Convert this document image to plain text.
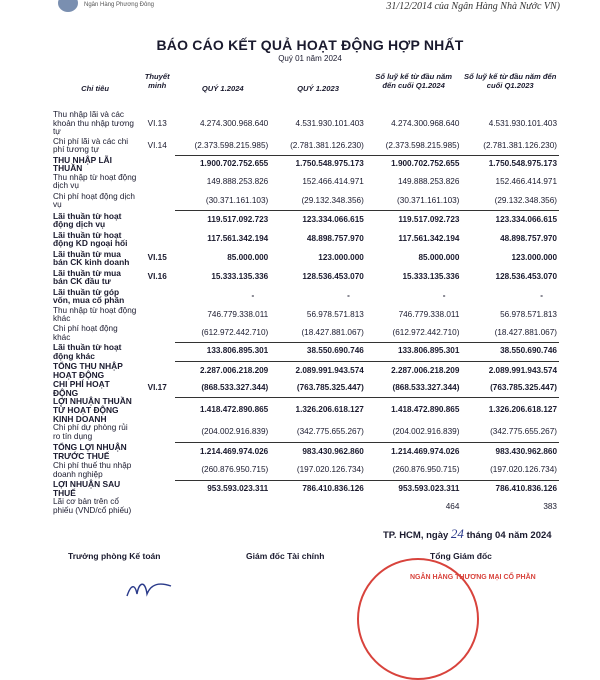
Ngân Hàng Phương Đông	31/12/2014 của Ngân Hàng Nhà Nước VN)
BÁO CÁO KẾT QUẢ HOẠT ĐỘNG HỢP NHẤT
Quý 01 năm 2024
Chỉ tiêu	Thuyết minh	QUÝ 1.2024	QUÝ 1.2023	Số luỹ kế từ đầu năm đến cuối Q1.2024	Số luỹ kế từ đầu năm đến cuối Q1.2023
Thu nhập lãi và các khoản thu nhập tương tự	VI.13	4.274.300.968.640	4.531.930.101.403	4.274.300.968.640	4.531.930.101.403
Chi phí lãi và các chi phí tương tự	VI.14	(2.373.598.215.985)	(2.781.381.126.230)	(2.373.598.215.985)	(2.781.381.126.230)
THU NHẬP LÃI THUẦN		1.900.702.752.655	1.750.548.975.173	1.900.702.752.655	1.750.548.975.173
Thu nhập từ hoạt động dịch vụ		149.888.253.826	152.466.414.971	149.888.253.826	152.466.414.971
Chi phí hoạt động dịch vụ		(30.371.161.103)	(29.132.348.356)	(30.371.161.103)	(29.132.348.356)
Lãi thuần từ hoạt động dịch vụ		119.517.092.723	123.334.066.615	119.517.092.723	123.334.066.615
Lãi thuần từ hoạt động KD ngoại hối		117.561.342.194	48.898.757.970	117.561.342.194	48.898.757.970
Lãi thuần từ mua bán CK kinh doanh	VI.15	85.000.000	123.000.000	85.000.000	123.000.000
Lãi thuần từ mua bán CK đầu tư	VI.16	15.333.135.336	128.536.453.070	15.333.135.336	128.536.453.070
Lãi thuần từ góp vốn, mua cổ phần		-	-	-	-
Thu nhập từ hoạt động khác		746.779.338.011	56.978.571.813	746.779.338.011	56.978.571.813
Chi phí hoạt động khác		(612.972.442.710)	(18.427.881.067)	(612.972.442.710)	(18.427.881.067)
Lãi thuần từ hoạt động khác		133.806.895.301	38.550.690.746	133.806.895.301	38.550.690.746
TỔNG THU NHẬP HOẠT ĐỘNG		2.287.006.218.209	2.089.991.943.574	2.287.006.218.209	2.089.991.943.574
CHI PHÍ HOẠT ĐỘNG	VI.17	(868.533.327.344)	(763.785.325.447)	(868.533.327.344)	(763.785.325.447)
LỢI NHUẬN THUẦN TỪ HOẠT ĐỘNG KINH DOANH		1.418.472.890.865	1.326.206.618.127	1.418.472.890.865	1.326.206.618.127
Chi phí dự phòng rủi ro tín dụng		(204.002.916.839)	(342.775.655.267)	(204.002.916.839)	(342.775.655.267)
TỔNG LỢI NHUẬN TRƯỚC THUẾ		1.214.469.974.026	983.430.962.860	1.214.469.974.026	983.430.962.860
Chi phí thuế thu nhập doanh nghiệp		(260.876.950.715)	(197.020.126.734)	(260.876.950.715)	(197.020.126.734)
LỢI NHUẬN SAU THUẾ		953.593.023.311	786.410.836.126	953.593.023.311	786.410.836.126
Lãi cơ bản trên cổ phiếu (VND/cổ phiếu)				464	383
TP. HCM, ngày 24 tháng 04 năm 2024
Trưởng phòng Kế toán	Giám đốc Tài chính	Tổng Giám đốc
NGÂN HÀNG THƯƠNG MẠI CỔ PHẦN
